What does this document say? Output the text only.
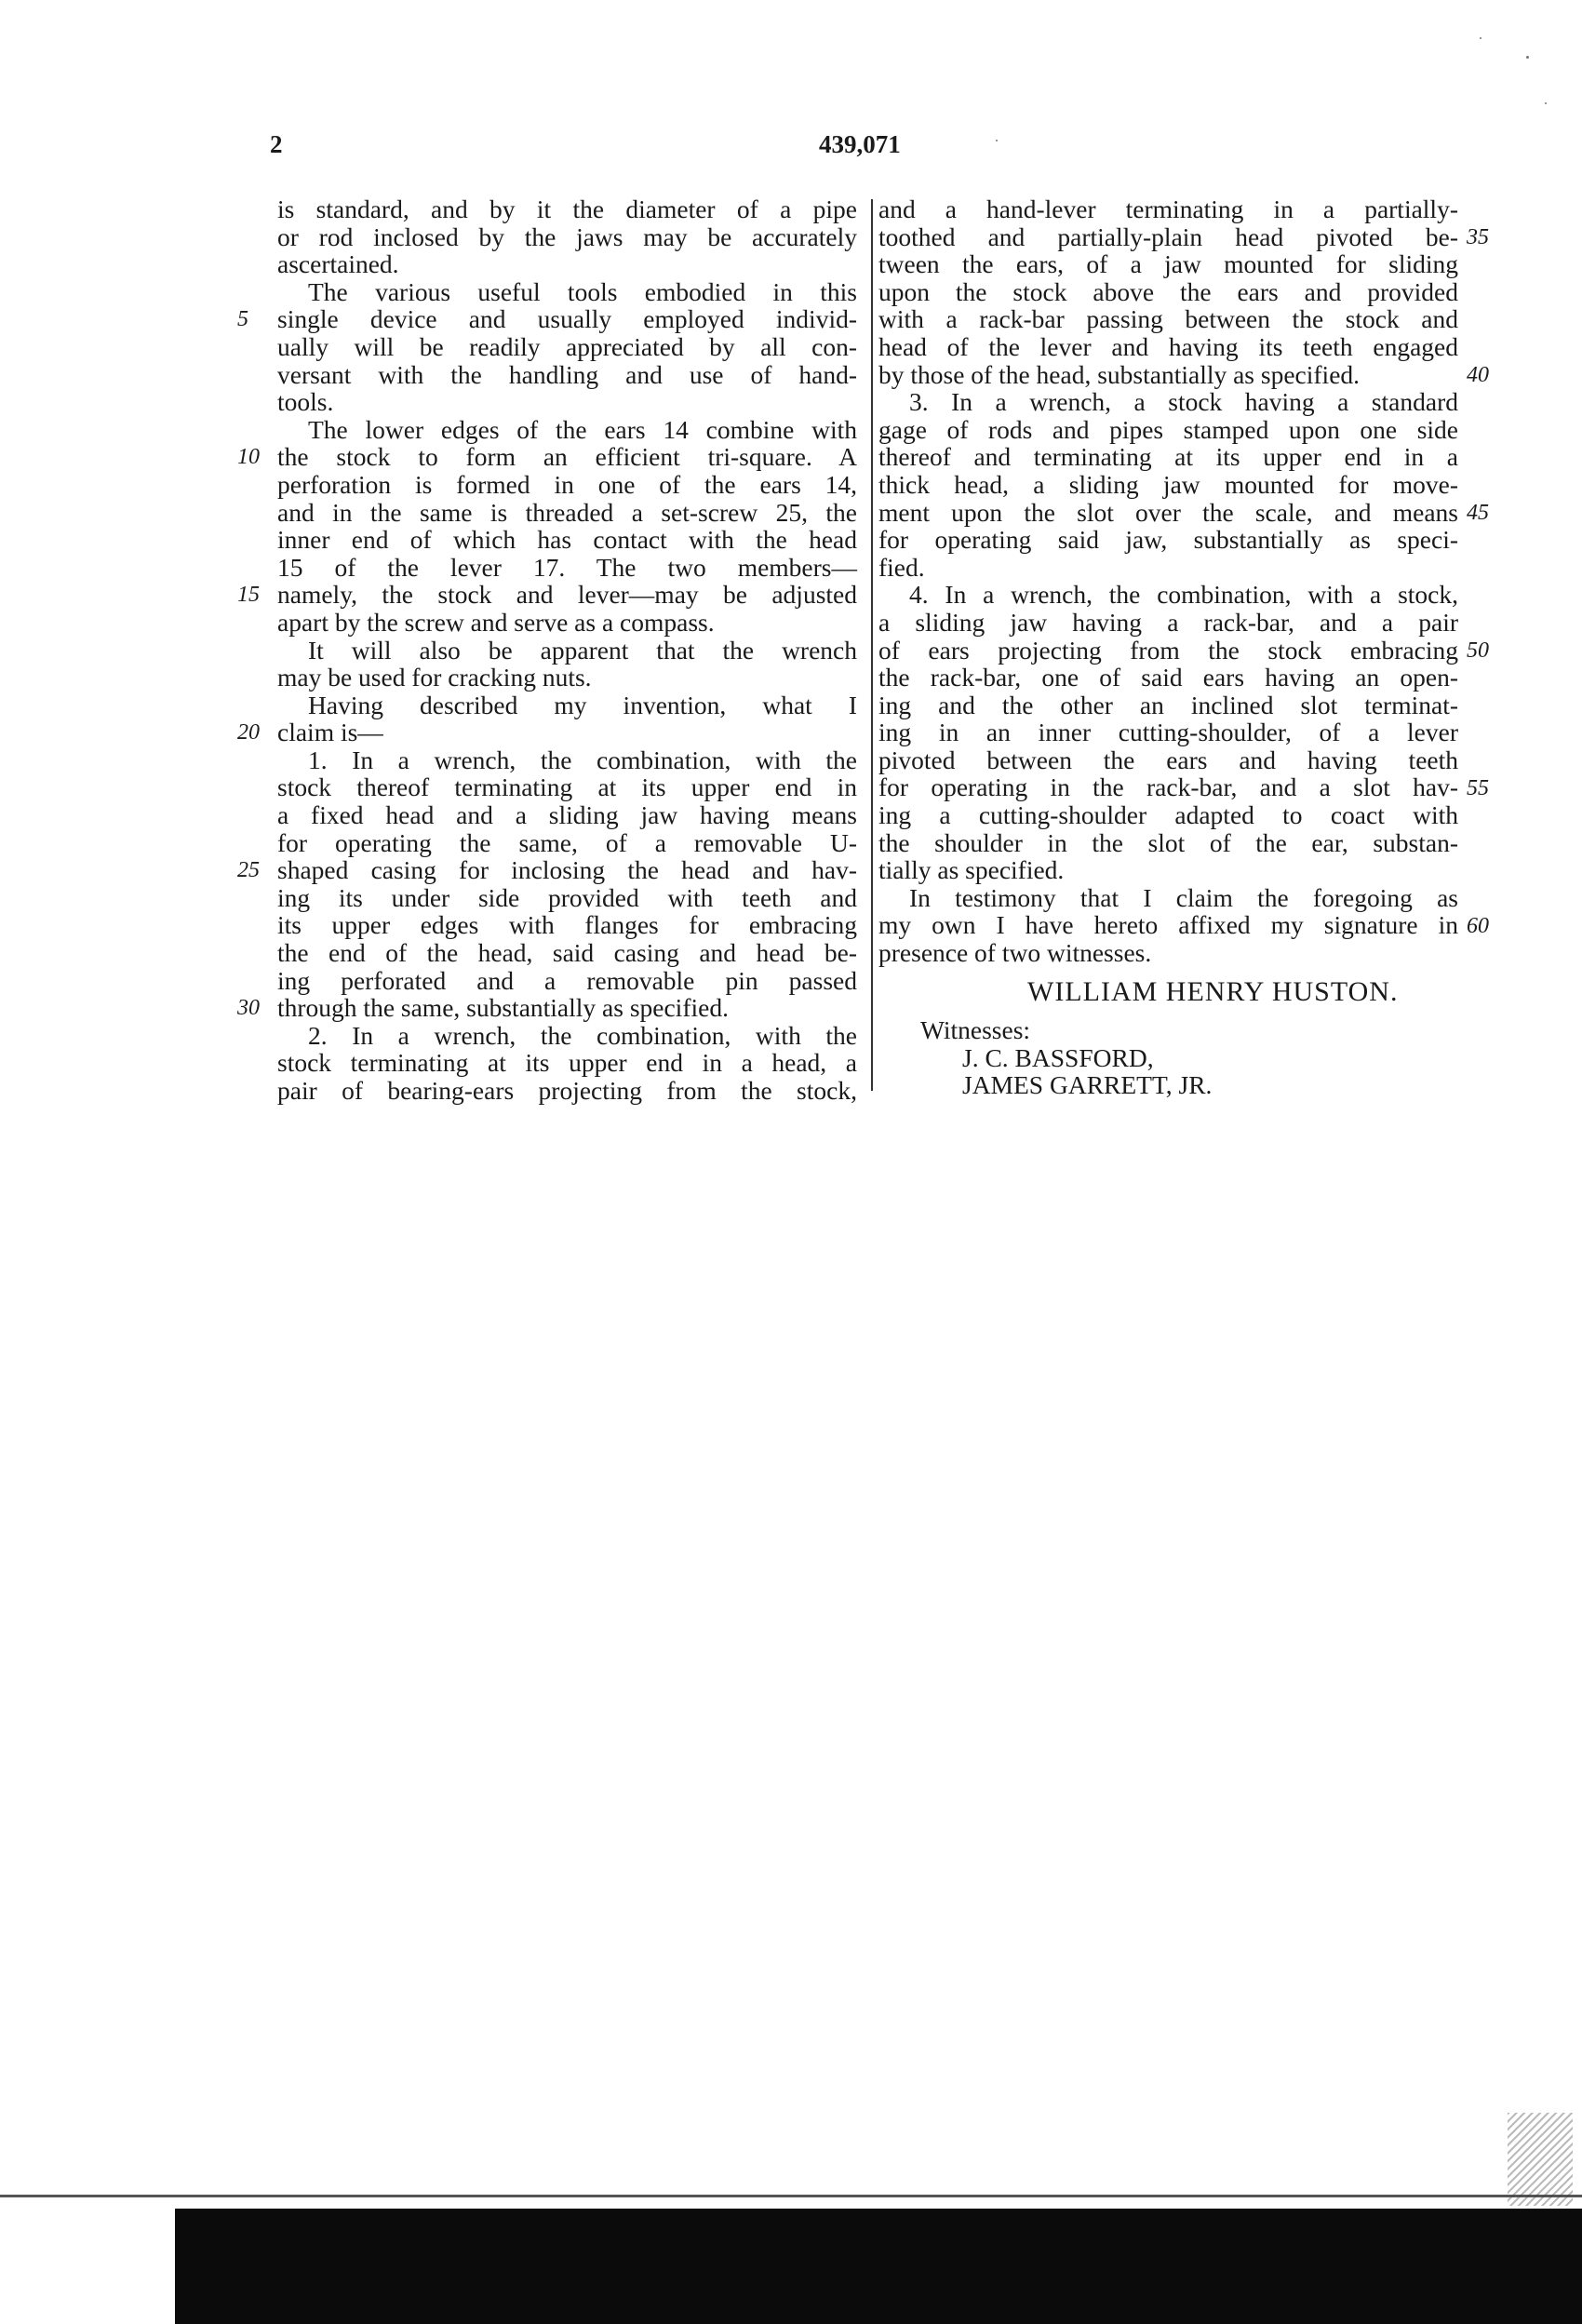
2	439,071
is standard, and by it the diameter of a pipe
or rod inclosed by the jaws may be accurately
ascertained.
The various useful tools embodied in this
single device and usually employed individ-
ually will be readily appreciated by all con-
versant with the handling and use of hand-
tools.
The lower edges of the ears 14 combine with
the stock to form an efficient tri-square. A
perforation is formed in one of the ears 14,
and in the same is threaded a set-screw 25, the
inner end of which has contact with the head
15 of the lever 17. The two members—
namely, the stock and lever—may be adjusted
apart by the screw and serve as a compass.
It will also be apparent that the wrench
may be used for cracking nuts.
Having described my invention, what I
claim is—
1. In a wrench, the combination, with the
stock thereof terminating at its upper end in
a fixed head and a sliding jaw having means
for operating the same, of a removable U-
shaped casing for inclosing the head and hav-
ing its under side provided with teeth and
its upper edges with flanges for embracing
the end of the head, said casing and head be-
ing perforated and a removable pin passed
through the same, substantially as specified.
2. In a wrench, the combination, with the
stock terminating at its upper end in a head, a
pair of bearing-ears projecting from the stock,
and a hand-lever terminating in a partially-
toothed and partially-plain head pivoted be-
tween the ears, of a jaw mounted for sliding
upon the stock above the ears and provided
with a rack-bar passing between the stock and
head of the lever and having its teeth engaged
by those of the head, substantially as specified.
3. In a wrench, a stock having a standard
gage of rods and pipes stamped upon one side
thereof and terminating at its upper end in a
thick head, a sliding jaw mounted for move-
ment upon the slot over the scale, and means
for operating said jaw, substantially as speci-
fied.
4. In a wrench, the combination, with a stock,
a sliding jaw having a rack-bar, and a pair
of ears projecting from the stock embracing
the rack-bar, one of said ears having an open-
ing and the other an inclined slot terminat-
ing in an inner cutting-shoulder, of a lever
pivoted between the ears and having teeth
for operating in the rack-bar, and a slot hav-
ing a cutting-shoulder adapted to coact with
the shoulder in the slot of the ear, substan-
tially as specified.
In testimony that I claim the foregoing as
my own I have hereto affixed my signature in
presence of two witnesses.
WILLIAM HENRY HUSTON.
Witnesses:
J. C. BASSFORD,
JAMES GARRETT, JR.
5
10
15
20
25
30
35
40
45
50
55
60
